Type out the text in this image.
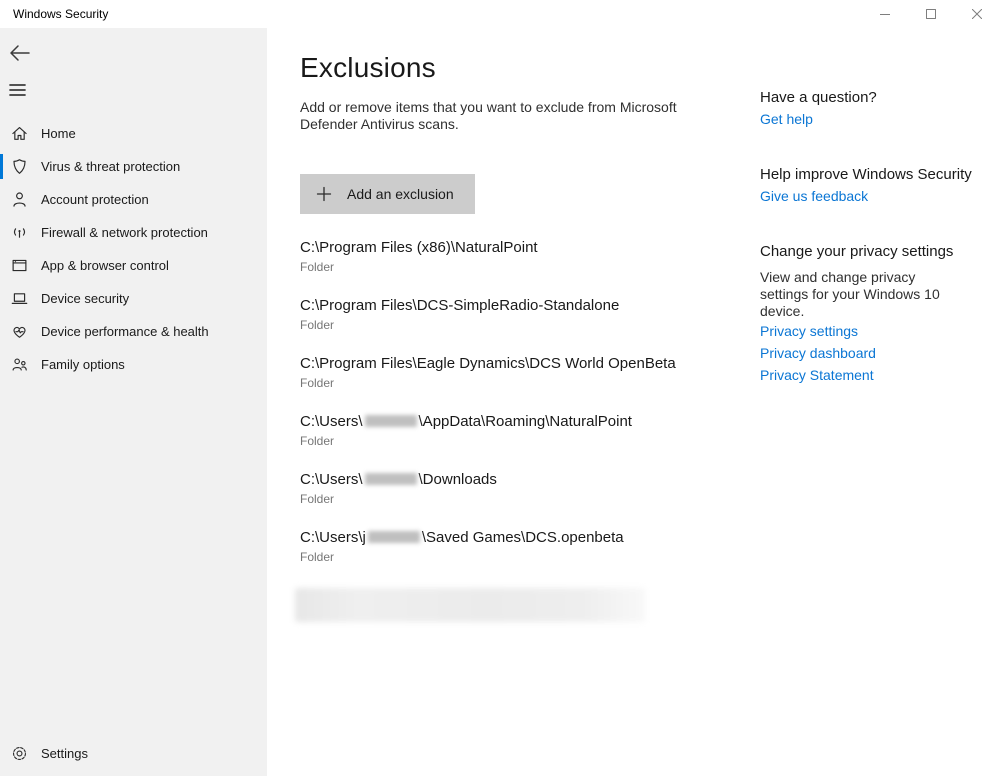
Windows Security
Home
Virus & threat protection
Account protection
Firewall & network protection
App & browser control
Device security
Device performance & health
Family options
Settings
Exclusions
Add or remove items that you want to exclude from Microsoft Defender Antivirus scans.
Add an exclusion
C:\Program Files (x86)\NaturalPoint
Folder
C:\Program Files\DCS-SimpleRadio-Standalone
Folder
C:\Program Files\Eagle Dynamics\DCS World OpenBeta
Folder
C:\Users\	\AppData\Roaming\NaturalPoint
Folder
C:\Users\	\Downloads
Folder
C:\Users\j	\Saved Games\DCS.openbeta
Folder
Have a question?
Get help
Help improve Windows Security
Give us feedback
Change your privacy settings
View and change privacy settings for your Windows 10 device.
Privacy settings
Privacy dashboard
Privacy Statement
